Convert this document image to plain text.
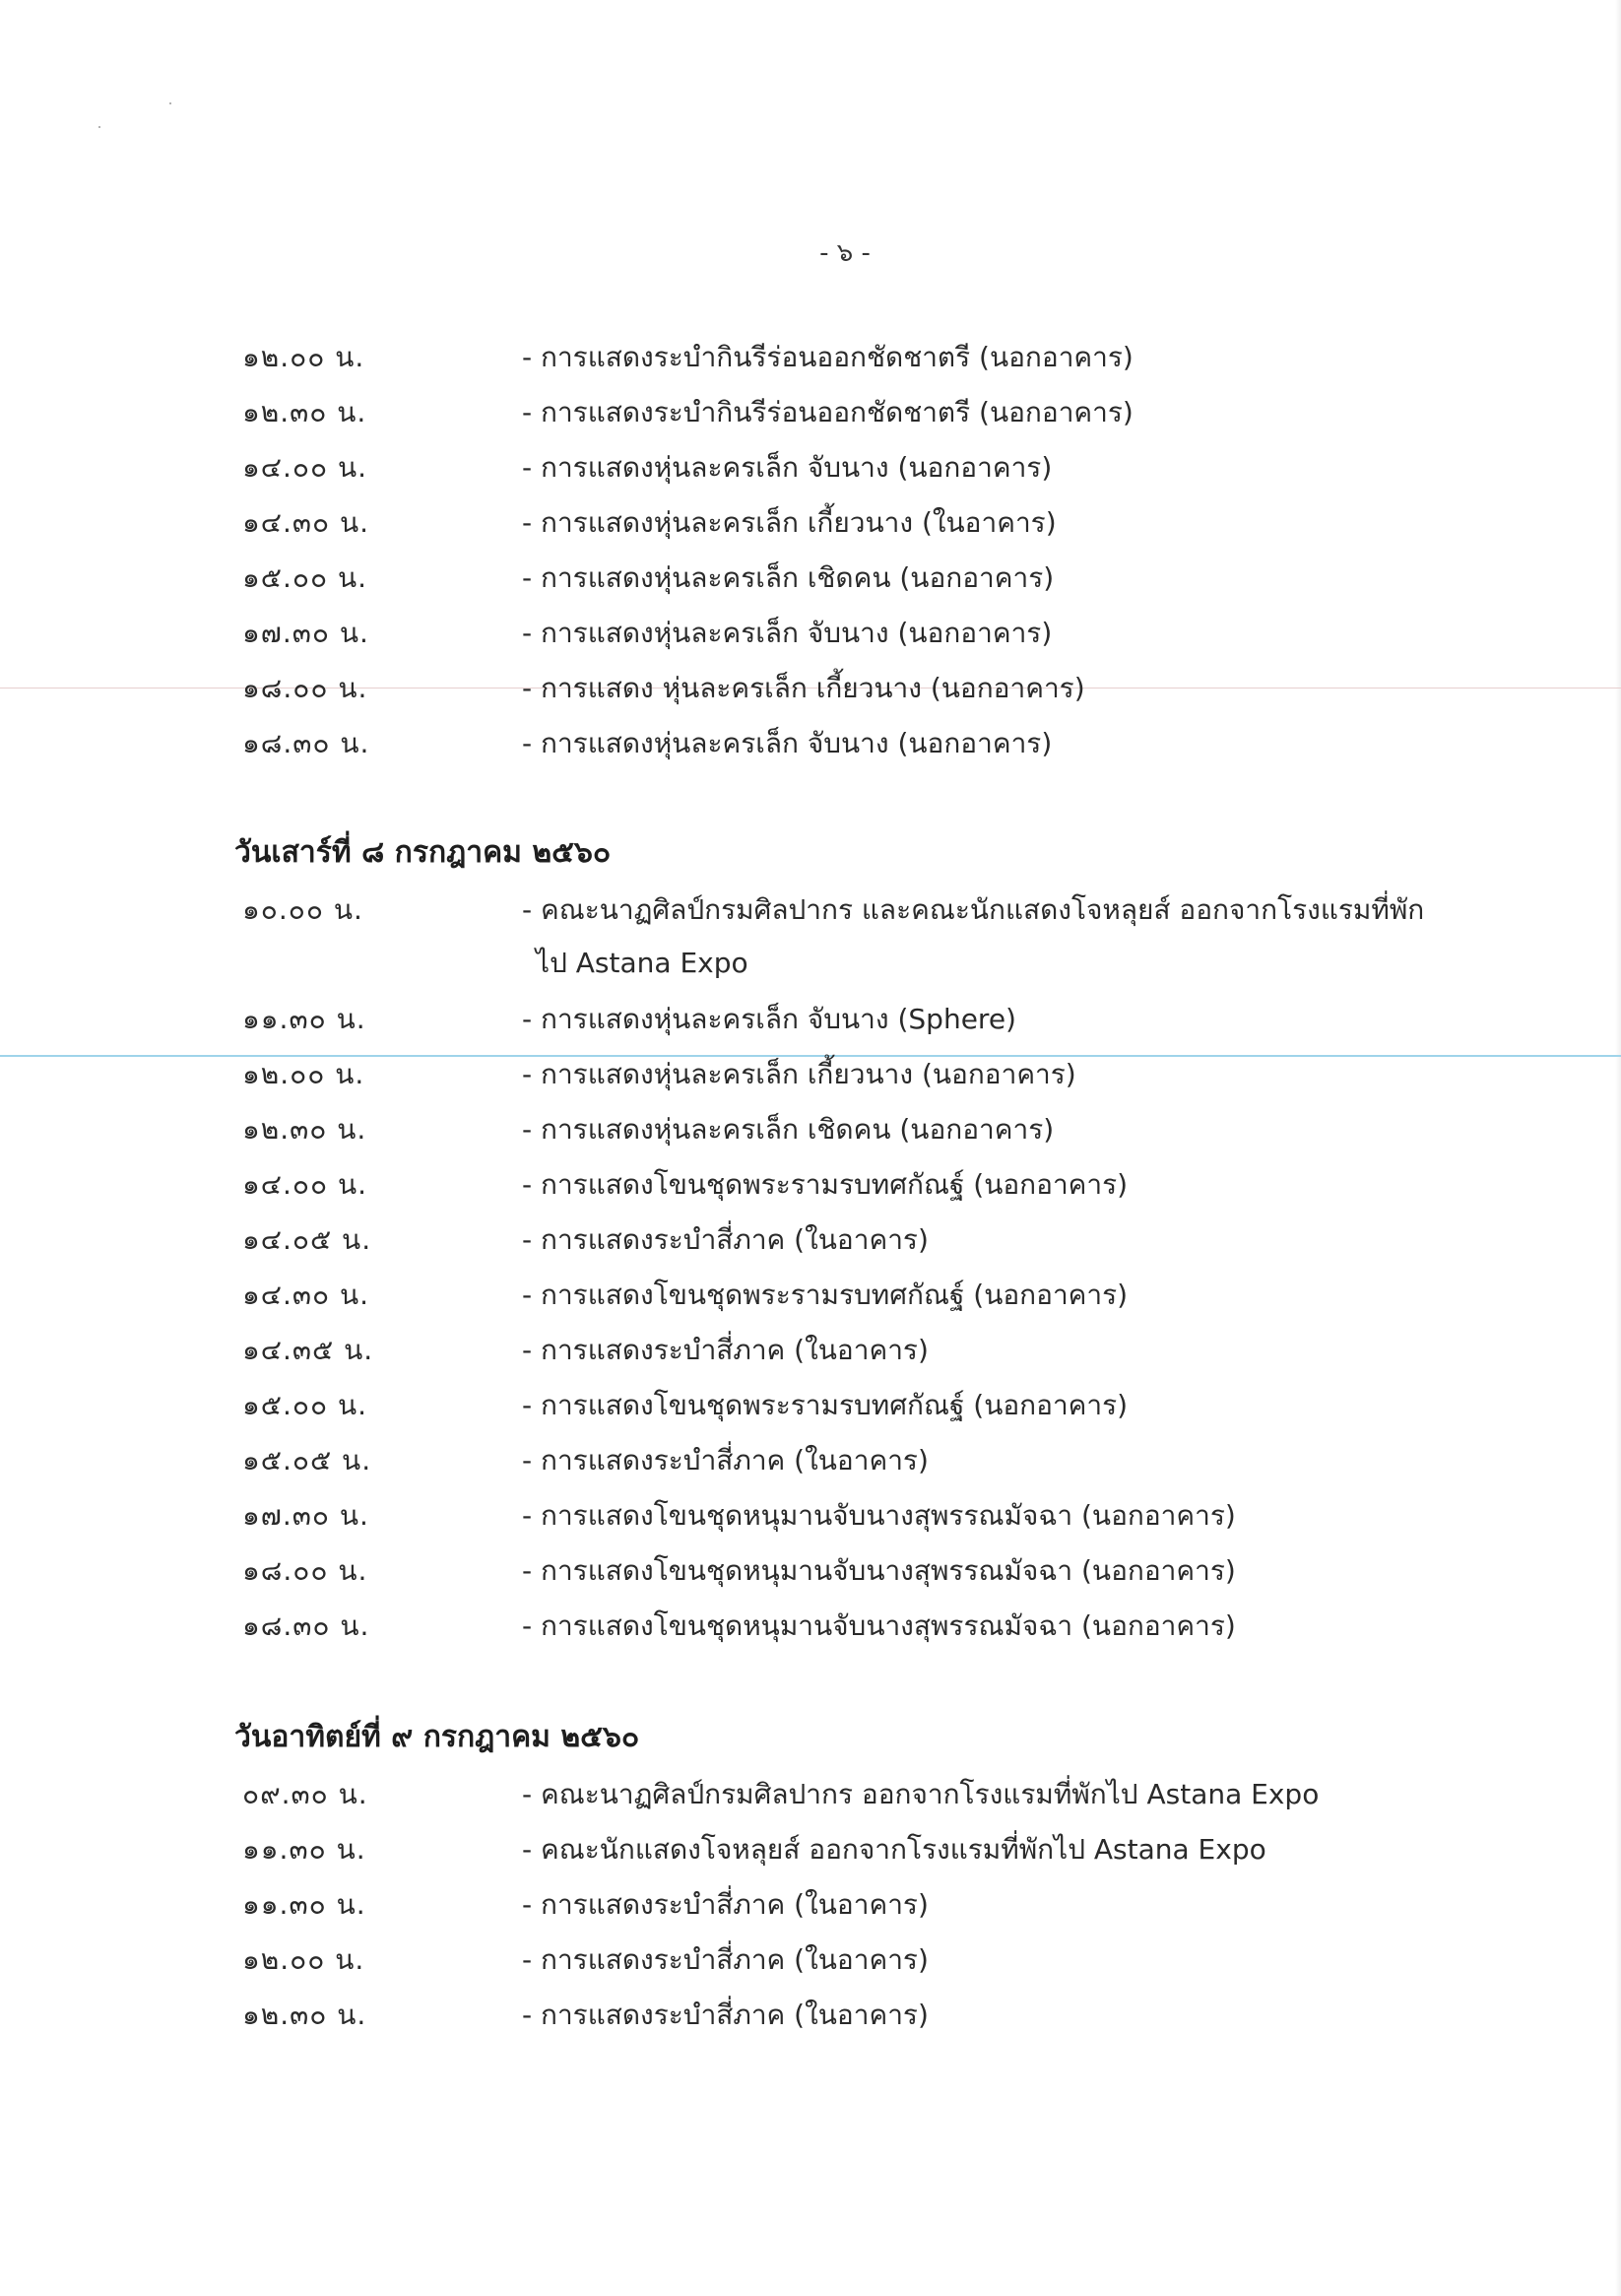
- ๖ -
๑๒.๐๐ น.	- การแสดงระบำกินรีร่อนออกชัดชาตรี (นอกอาคาร)
๑๒.๓๐ น.	- การแสดงระบำกินรีร่อนออกชัดชาตรี (นอกอาคาร)
๑๔.๐๐ น.	- การแสดงหุ่นละครเล็ก จับนาง (นอกอาคาร)
๑๔.๓๐ น.	- การแสดงหุ่นละครเล็ก เกี้ยวนาง (ในอาคาร)
๑๕.๐๐ น.	- การแสดงหุ่นละครเล็ก เชิดคน (นอกอาคาร)
๑๗.๓๐ น.	- การแสดงหุ่นละครเล็ก จับนาง (นอกอาคาร)
๑๘.๐๐ น.	- การแสดง หุ่นละครเล็ก เกี้ยวนาง (นอกอาคาร)
๑๘.๓๐ น.	- การแสดงหุ่นละครเล็ก จับนาง (นอกอาคาร)
วันเสาร์ที่ ๘ กรกฎาคม ๒๕๖๐
๑๐.๐๐ น.	- คณะนาฏศิลป์กรมศิลปากร และคณะนักแสดงโจหลุยส์ ออกจากโรงแรมที่พัก
ไป Astana Expo
๑๑.๓๐ น.	- การแสดงหุ่นละครเล็ก จับนาง (Sphere)
๑๒.๐๐ น.	- การแสดงหุ่นละครเล็ก เกี้ยวนาง (นอกอาคาร)
๑๒.๓๐ น.	- การแสดงหุ่นละครเล็ก เชิดคน (นอกอาคาร)
๑๔.๐๐ น.	- การแสดงโขนชุดพระรามรบทศกัณฐ์ (นอกอาคาร)
๑๔.๐๕ น.	- การแสดงระบำสี่ภาค (ในอาคาร)
๑๔.๓๐ น.	- การแสดงโขนชุดพระรามรบทศกัณฐ์ (นอกอาคาร)
๑๔.๓๕ น.	- การแสดงระบำสี่ภาค (ในอาคาร)
๑๕.๐๐ น.	- การแสดงโขนชุดพระรามรบทศกัณฐ์ (นอกอาคาร)
๑๕.๐๕ น.	- การแสดงระบำสี่ภาค (ในอาคาร)
๑๗.๓๐ น.	- การแสดงโขนชุดหนุมานจับนางสุพรรณมัจฉา (นอกอาคาร)
๑๘.๐๐ น.	- การแสดงโขนชุดหนุมานจับนางสุพรรณมัจฉา (นอกอาคาร)
๑๘.๓๐ น.	- การแสดงโขนชุดหนุมานจับนางสุพรรณมัจฉา (นอกอาคาร)
วันอาทิตย์ที่ ๙ กรกฎาคม ๒๕๖๐
๐๙.๓๐ น.	- คณะนาฏศิลป์กรมศิลปากร ออกจากโรงแรมที่พักไป Astana Expo
๑๑.๓๐ น.	- คณะนักแสดงโจหลุยส์ ออกจากโรงแรมที่พักไป Astana Expo
๑๑.๓๐ น.	- การแสดงระบำสี่ภาค (ในอาคาร)
๑๒.๐๐ น.	- การแสดงระบำสี่ภาค (ในอาคาร)
๑๒.๓๐ น.	- การแสดงระบำสี่ภาค (ในอาคาร)
